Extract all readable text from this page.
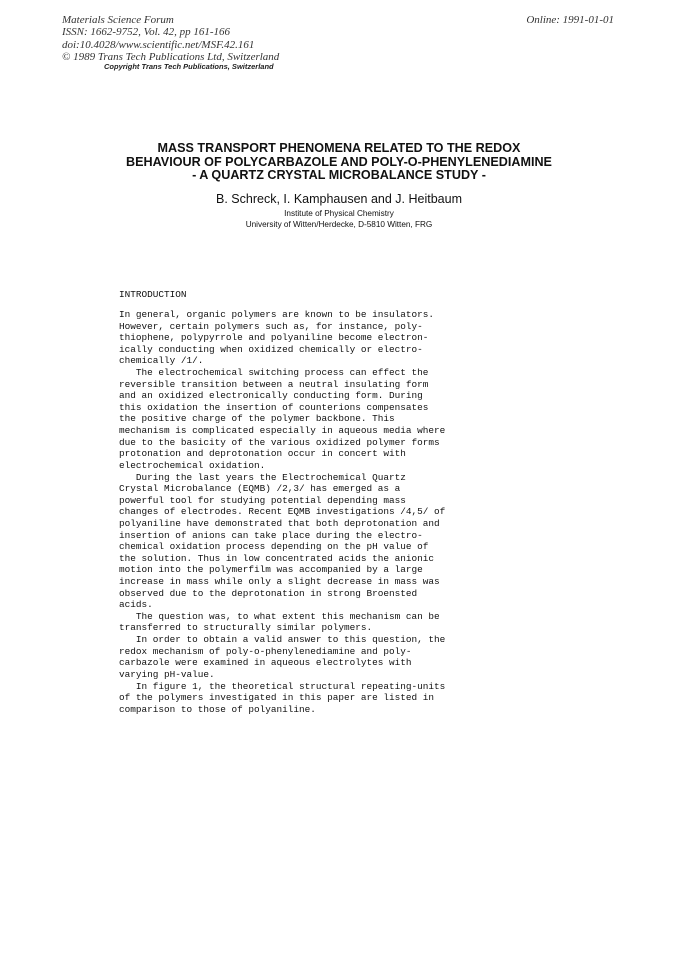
Materials Science Forum
ISSN: 1662-9752, Vol. 42, pp 161-166
doi:10.4028/www.scientific.net/MSF.42.161
© 1989 Trans Tech Publications Ltd, Switzerland
Online: 1991-01-01
Copyright Trans Tech Publications, Switzerland
MASS TRANSPORT PHENOMENA RELATED TO THE REDOX
BEHAVIOUR OF POLYCARBAZOLE AND POLY-O-PHENYLENEDIAMINE
- A QUARTZ CRYSTAL MICROBALANCE STUDY -
B. Schreck, I. Kamphausen and J. Heitbaum
Institute of Physical Chemistry
University of Witten/Herdecke, D-5810 Witten, FRG
INTRODUCTION
In general, organic polymers are known to be insulators.
However, certain polymers such as, for instance, poly-
thiophene, polypyrrole and polyaniline become electron-
ically conducting when oxidized chemically or electro-
chemically /1/.
The electrochemical switching process can effect the
reversible transition between a neutral insulating form
and an oxidized electronically conducting form. During
this oxidation the insertion of counterions compensates
the positive charge of the polymer backbone. This
mechanism is complicated especially in aqueous media where
due to the basicity of the various oxidized polymer forms
protonation and deprotonation occur in concert with
electrochemical oxidation.
During the last years the Electrochemical Quartz
Crystal Microbalance (EQMB) /2,3/ has emerged as a
powerful tool for studying potential depending mass
changes of electrodes. Recent EQMB investigations /4,5/ of
polyaniline have demonstrated that both deprotonation and
insertion of anions can take place during the electro-
chemical oxidation process depending on the pH value of
the solution. Thus in low concentrated acids the anionic
motion into the polymerfilm was accompanied by a large
increase in mass while only a slight decrease in mass was
observed due to the deprotonation in strong Broensted
acids.
The question was, to what extent this mechanism can be
transferred to structurally similar polymers.
In order to obtain a valid answer to this question, the
redox mechanism of poly-o-phenylenediamine and poly-
carbazole were examined in aqueous electrolytes with
varying pH-value.
In figure 1, the theoretical structural repeating-units
of the polymers investigated in this paper are listed in
comparison to those of polyaniline.
